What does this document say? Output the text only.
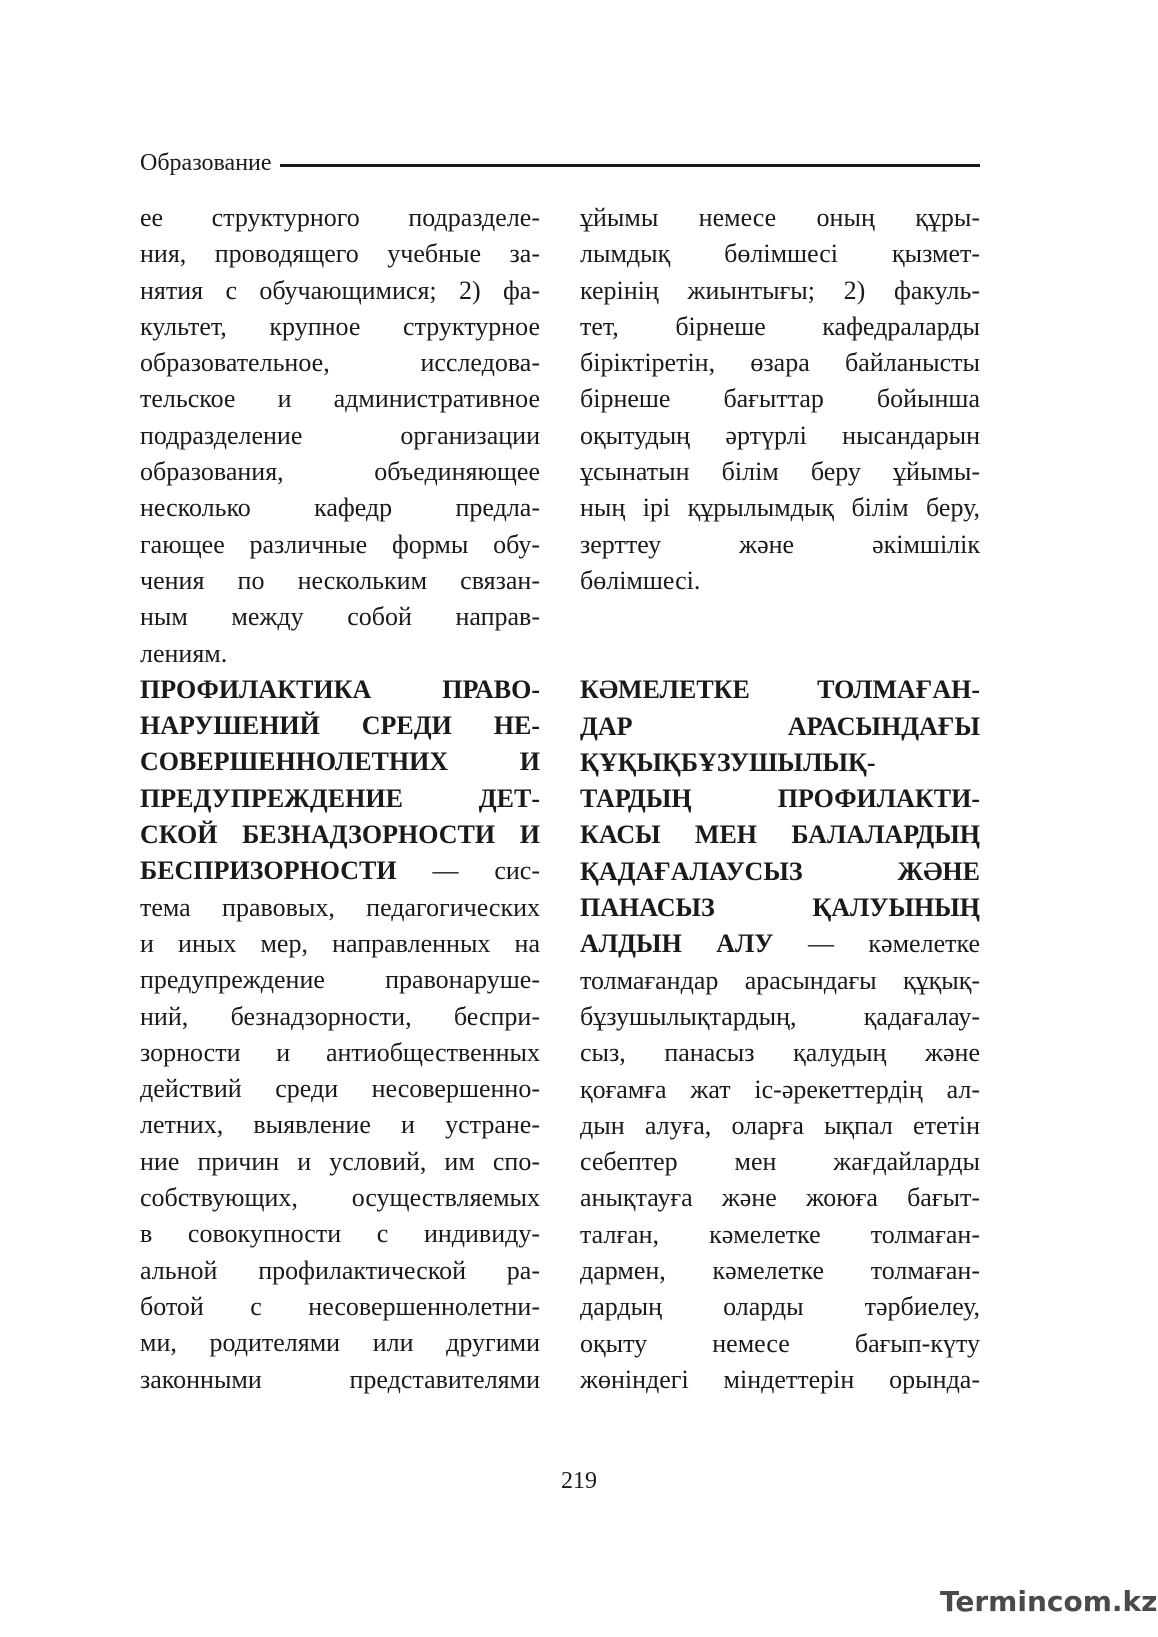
Образование
ее структурного подразделе-
ния, проводящего учебные за-
нятия с обучающимися; 2) фа-
культет, крупное структурное
образовательное, исследова-
тельское и административное
подразделение организации
образования, объединяющее
несколько кафедр предла-
гающее различные формы обу-
чения по нескольким связан-
ным между собой направ-
лениям.
ПРОФИЛАКТИКА ПРАВО-
НАРУШЕНИЙ СРЕДИ НЕ-
СОВЕРШЕННОЛЕТНИХ И
ПРЕДУПРЕЖДЕНИЕ ДЕТ-
СКОЙ БЕЗНАДЗОРНОСТИ И
БЕСПРИЗОРНОСТИ — сис-
тема правовых, педагогических
и иных мер, направленных на
предупреждение правонаруше-
ний, безнадзорности, беспри-
зорности и антиобщественных
действий среди несовершенно-
летних, выявление и устране-
ние причин и условий, им спо-
собствующих, осуществляемых
в совокупности с индивиду-
альной профилактической ра-
ботой с несовершеннолетни-
ми, родителями или другими
законными представителями
ұйымы немесе оның құры-
лымдық бөлімшесі қызмет-
керінің жиынтығы; 2) факуль-
тет, бірнеше кафедраларды
біріктіретін, өзара байланысты
бірнеше бағыттар бойынша
оқытудың әртүрлі нысандарын
ұсынатын білім беру ұйымы-
ның ірі құрылымдық білім беру,
зерттеу және әкімшілік
бөлімшесі.
КӘМЕЛЕТКЕ ТОЛМАҒАН-
ДАР АРАСЫНДАҒЫ
ҚҰҚЫҚБҰЗУШЫЛЫҚ-
ТАРДЫҢ ПРОФИЛАКТИ-
КАСЫ МЕН БАЛАЛАРДЫҢ
ҚАДАҒАЛАУСЫЗ ЖӘНЕ
ПАНАСЫЗ ҚАЛУЫНЫҢ
АЛДЫН АЛУ — кәмелетке
толмағандар арасындағы құқық-
бұзушылықтардың, қадағалау-
сыз, панасыз қалудың және
қоғамға жат іс-әрекеттердің ал-
дын алуға, оларға ықпал ететін
себептер мен жағдайларды
анықтауға және жоюға бағыт-
талған, кәмелетке толмаған-
дармен, кәмелетке толмаған-
дардың оларды тәрбиелеу,
оқыту немесе бағып-күту
жөніндегі міндеттерін орында-
219
Termincom.kz
